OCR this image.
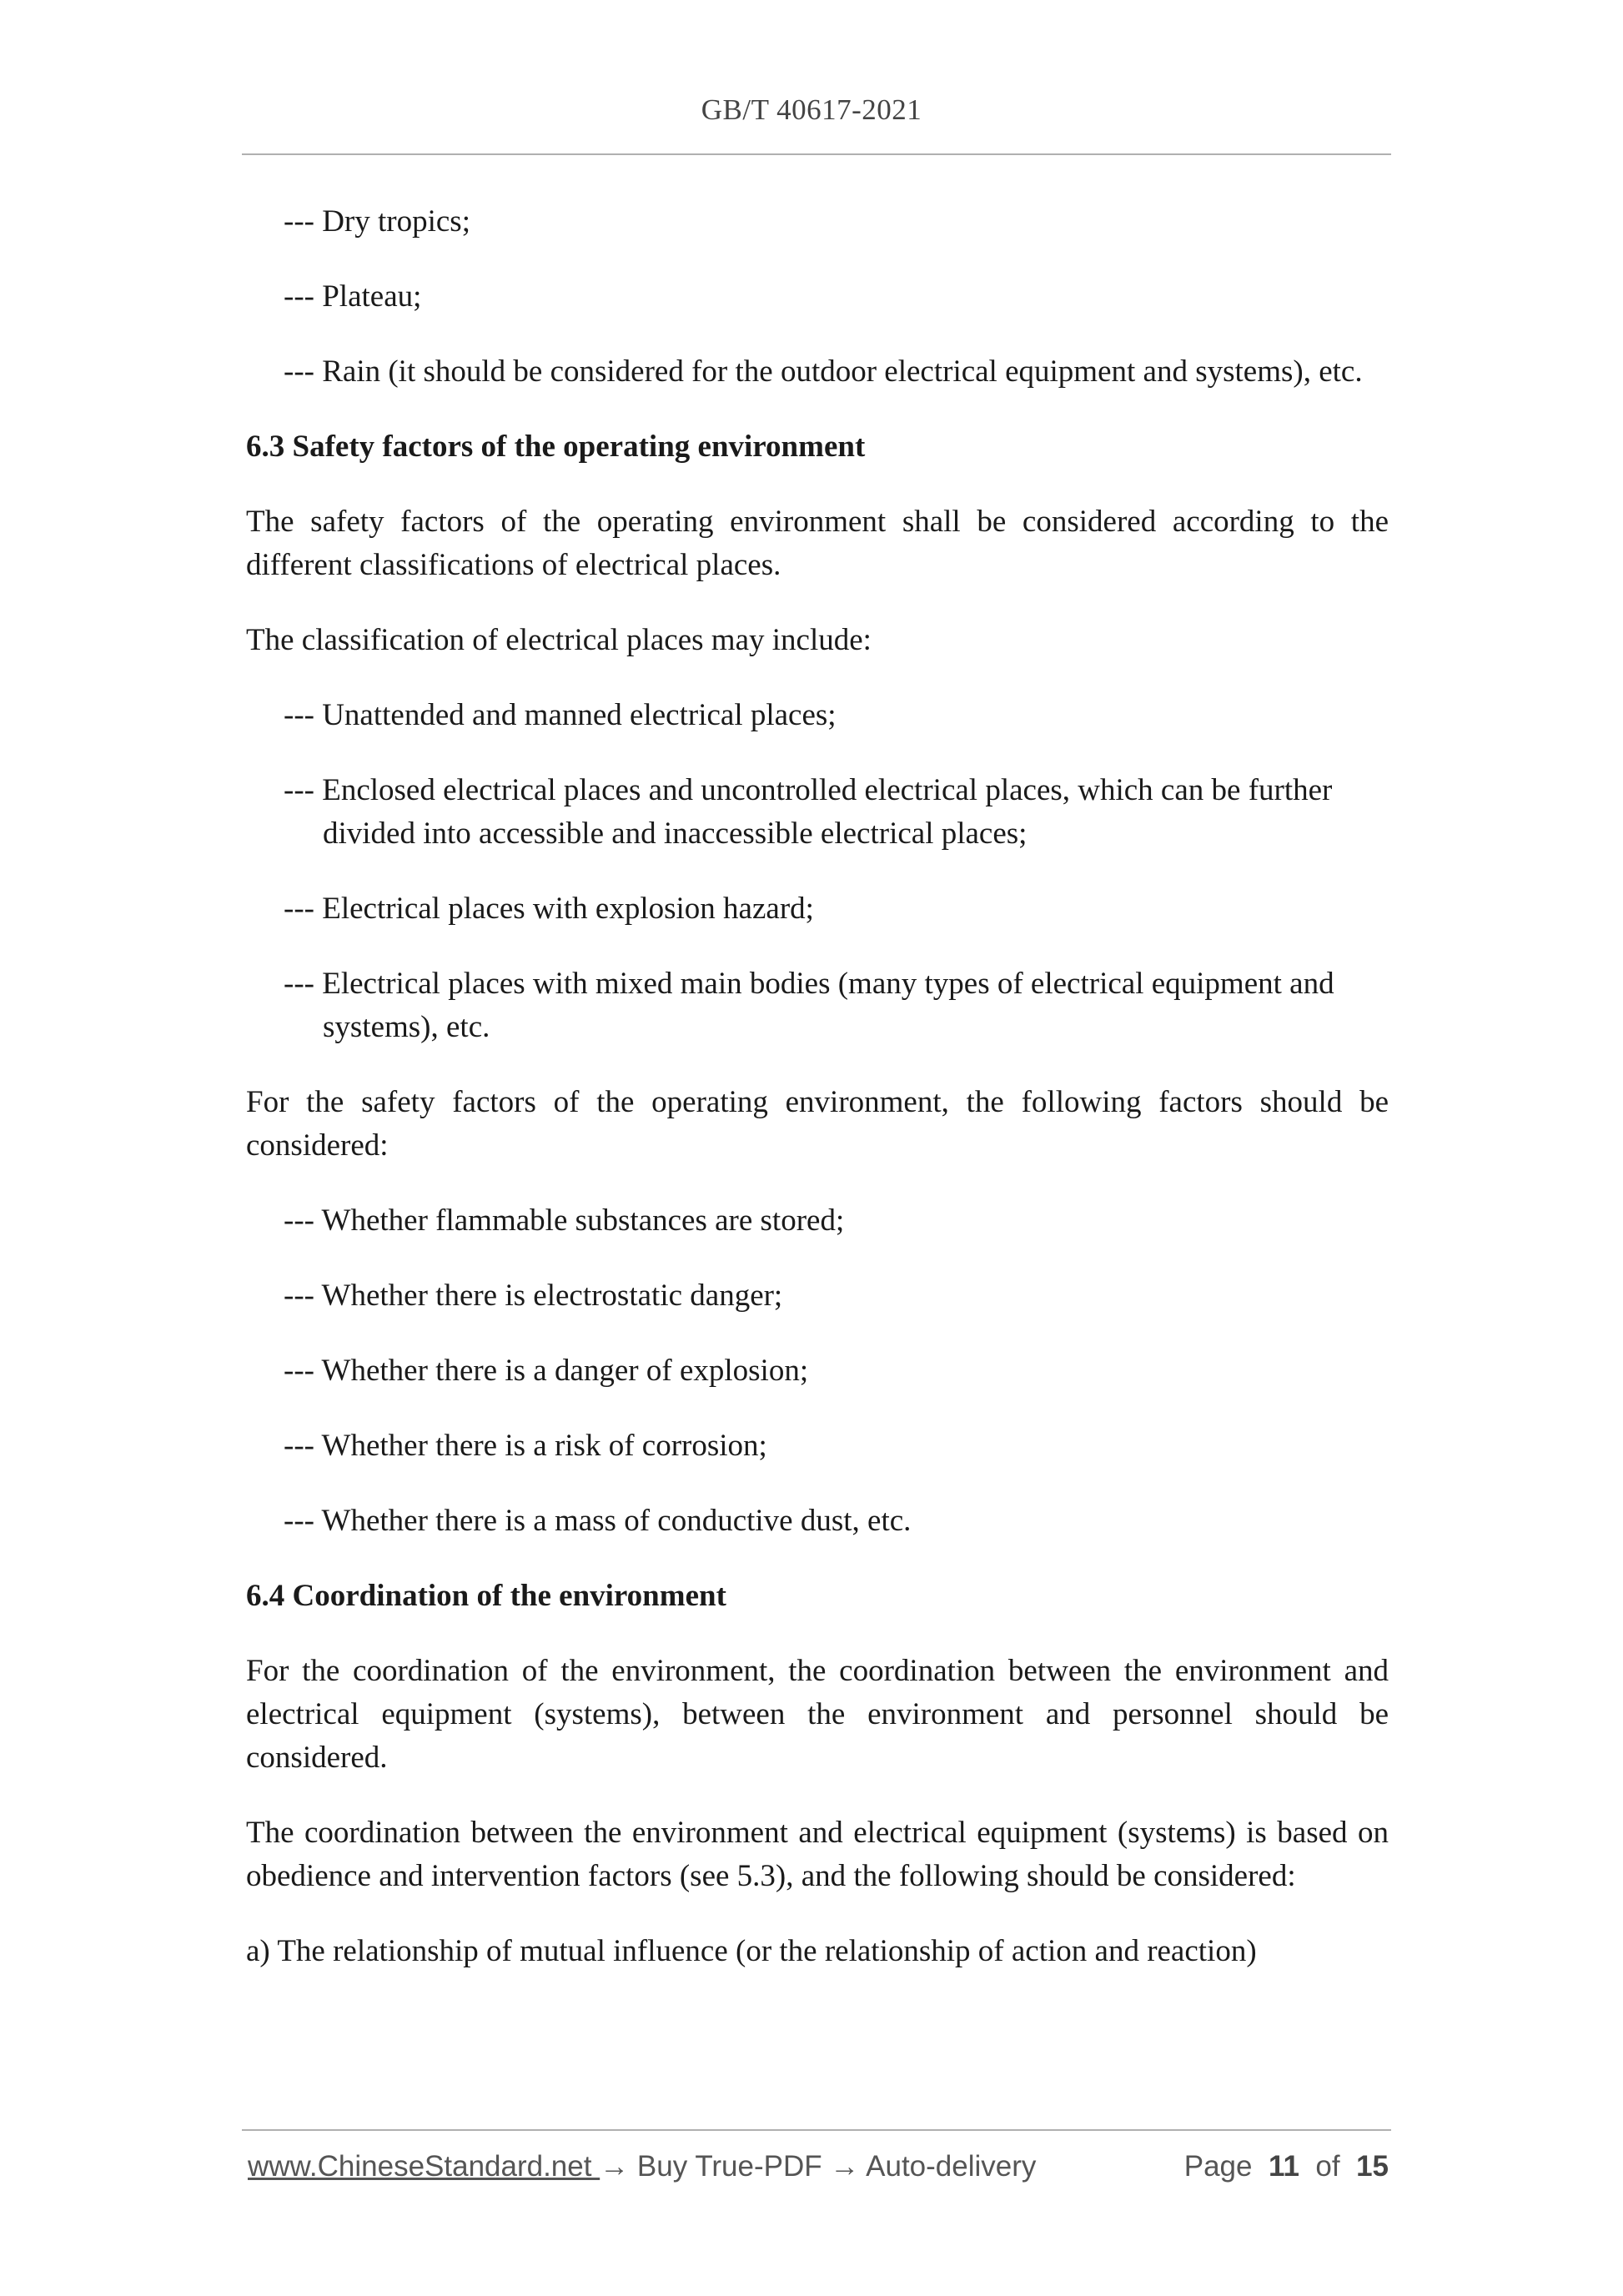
GB/T 40617-2021
--- Dry tropics;
--- Plateau;
--- Rain (it should be considered for the outdoor electrical equipment and systems), etc.
6.3 Safety factors of the operating environment
The safety factors of the operating environment shall be considered according to the different classifications of electrical places.
The classification of electrical places may include:
--- Unattended and manned electrical places;
--- Enclosed electrical places and uncontrolled electrical places, which can be further divided into accessible and inaccessible electrical places;
--- Electrical places with explosion hazard;
--- Electrical places with mixed main bodies (many types of electrical equipment and systems), etc.
For the safety factors of the operating environment, the following factors should be considered:
--- Whether flammable substances are stored;
--- Whether there is electrostatic danger;
--- Whether there is a danger of explosion;
--- Whether there is a risk of corrosion;
--- Whether there is a mass of conductive dust, etc.
6.4 Coordination of the environment
For the coordination of the environment, the coordination between the environment and electrical equipment (systems), between the environment and personnel should be considered.
The coordination between the environment and electrical equipment (systems) is based on obedience and intervention factors (see 5.3), and the following should be considered:
a) The relationship of mutual influence (or the relationship of action and reaction)
www.ChineseStandard.net → Buy True-PDF → Auto-delivery	Page 11 of 15
